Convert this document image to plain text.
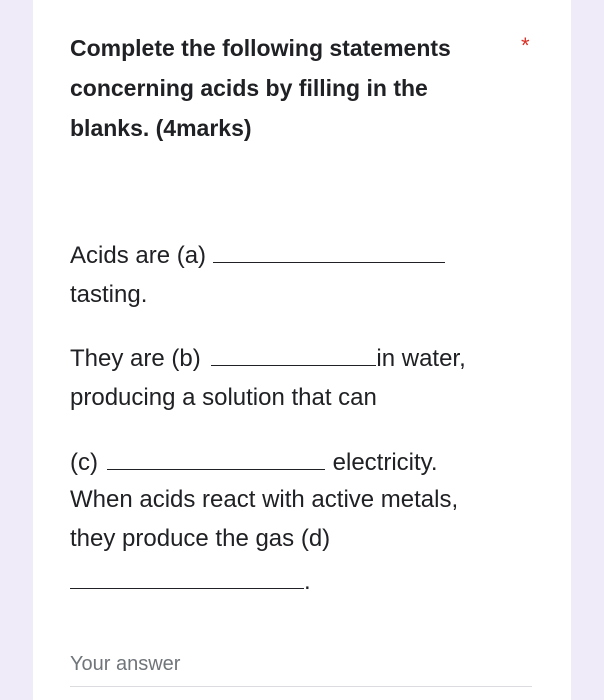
Complete the following statements concerning acids by filling in the blanks. (4marks)
*
Acids are (a)
tasting.
They are (b)	in water,
producing a solution that can
(c)	electricity.
When acids react with active metals,
they produce the gas (d)
.
Your answer
